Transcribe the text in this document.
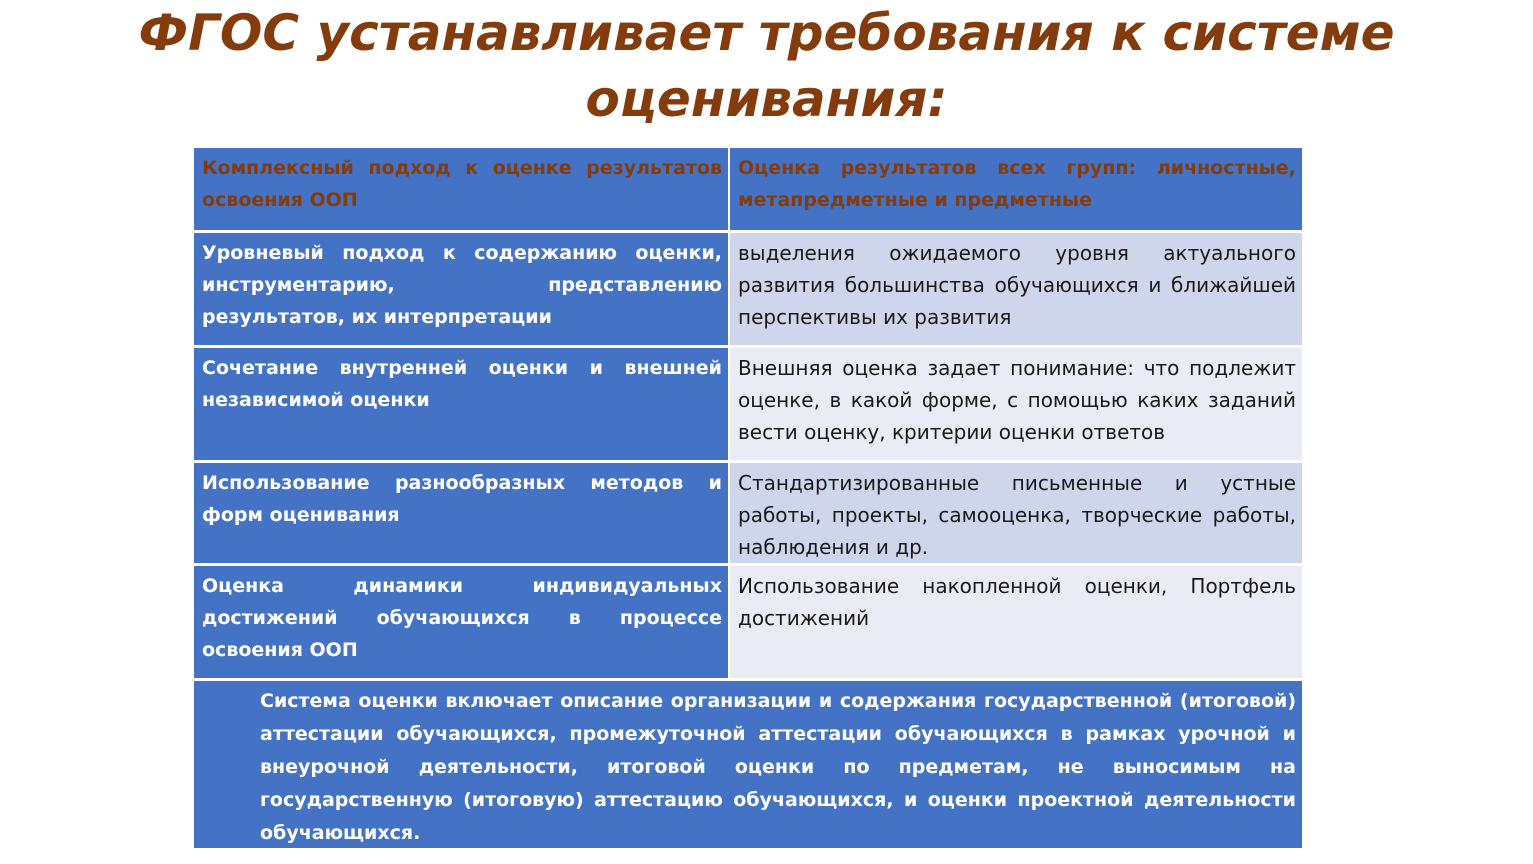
ФГОС устанавливает требования к системе
оценивания:
Комплексный подход к оценке результатов освоения ООП
Оценка результатов всех групп: личностные, метапредметные и предметные
Уровневый подход к содержанию оценки, инструментарию, представлению результатов, их интерпретации
выделения ожидаемого уровня актуального развития большинства обучающихся и ближайшей перспективы их развития
Сочетание внутренней оценки и внешней независимой оценки
Внешняя оценка задает понимание: что подлежит оценке, в какой форме, с помощью каких заданий вести оценку, критерии оценки ответов
Использование разнообразных методов и форм оценивания
Стандартизированные письменные и устные работы, проекты, самооценка, творческие работы, наблюдения и др.
Оценка динамики индивидуальных достижений обучающихся в процессе освоения ООП
Использование накопленной оценки, Портфель достижений
Система оценки включает описание организации и содержания государственной (итоговой) аттестации обучающихся, промежуточной аттестации обучающихся в рамках урочной и внеурочной деятельности, итоговой оценки по предметам, не выносимым на государственную (итоговую) аттестацию обучающихся, и оценки проектной деятельности обучающихся.
